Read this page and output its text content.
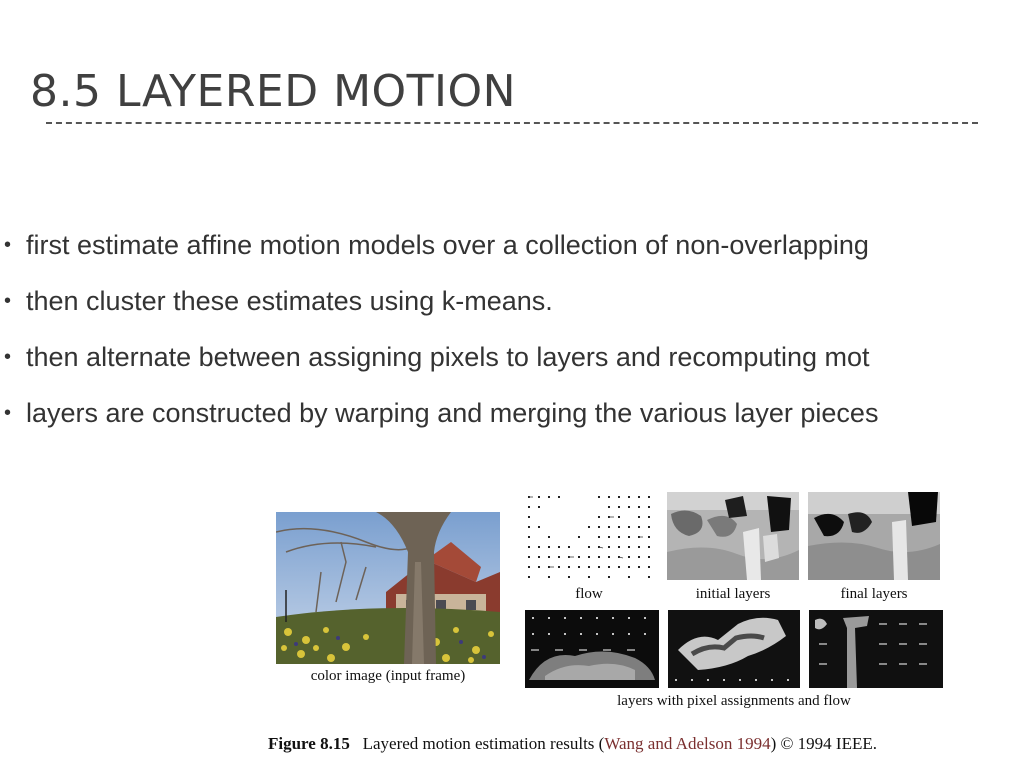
8.5 LAYERED MOTION
• first estimate affine motion models over a collection of non-overlapping
• then cluster these estimates using k-means.
• then alternate between assigning pixels to layers and recomputing mot
• layers are constructed by warping and merging the various layer pieces
color image (input frame)
flow	initial layers	final layers
layers with pixel assignments and flow
Figure 8.15 Layered motion estimation results (Wang and Adelson 1994) © 1994 IEEE.
